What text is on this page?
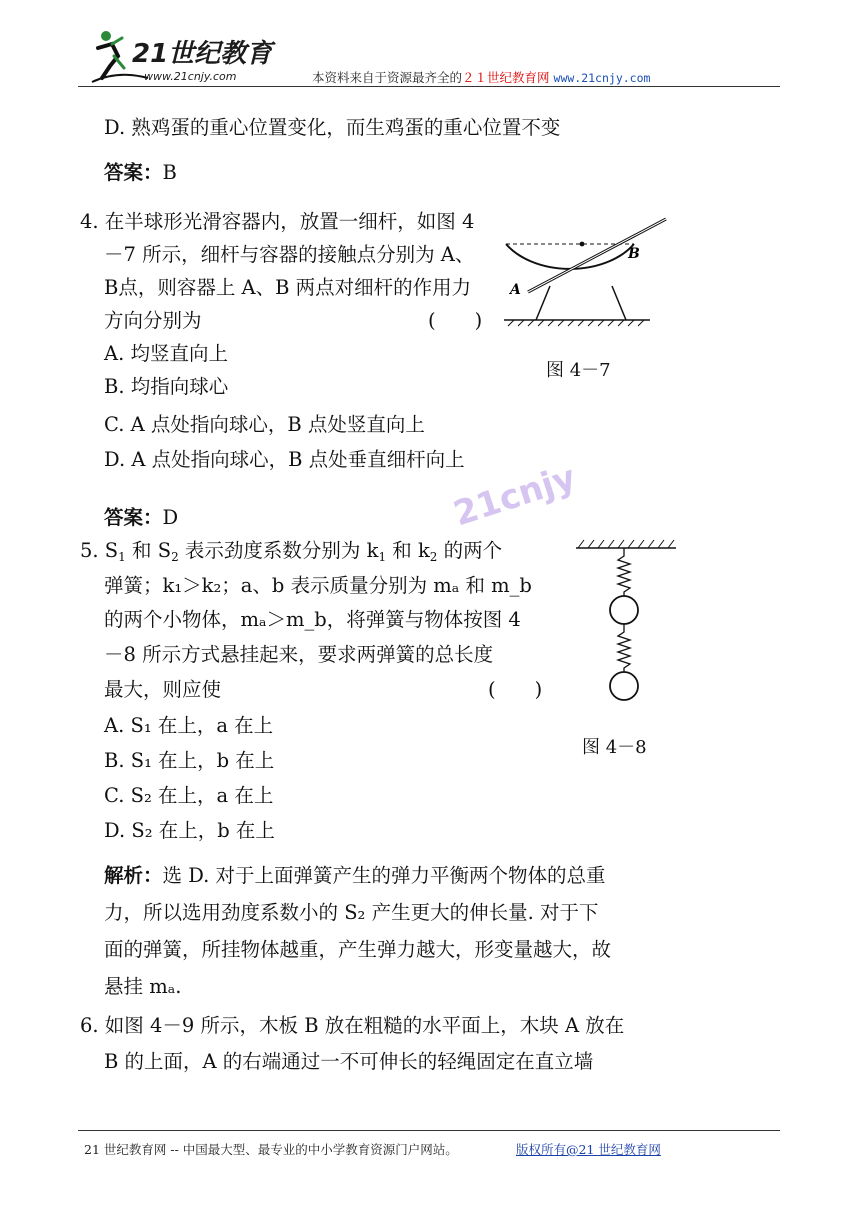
21世纪教育
www.21cnjy.com	本资料来自于资源最齐全的２１世纪教育网 www.21cnjy.com
D. 熟鸡蛋的重心位置变化，而生鸡蛋的重心位置不变
答案：B
4. 在半球形光滑容器内，放置一细杆，如图 4
－7 所示，细杆与容器的接触点分别为 A、
B点，则容器上 A、B 两点对细杆的作用力
方向分别为	(　　)
A. 均竖直向上
B. 均指向球心
C. A 点处指向球心，B 点处竖直向上
D. A 点处指向球心，B 点处垂直细杆向上
A
B
图 4－7
答案：D	21cnjy
5. $S_1$ 和 $S_2$ 表示劲度系数分别为 $k_1$ 和 $k_2$ 的两个
弹簧；k₁＞k₂；a、b 表示质量分别为 mₐ 和 m_b
的两个小物体，mₐ＞m_b，将弹簧与物体按图 4
－8 所示方式悬挂起来，要求两弹簧的总长度
最大，则应使	(　　)
A. S₁ 在上，a 在上
B. S₁ 在上，b 在上
C. S₂ 在上，a 在上
D. S₂ 在上，b 在上
图 4－8
解析：选 D. 对于上面弹簧产生的弹力平衡两个物体的总重
力，所以选用劲度系数小的 S₂ 产生更大的伸长量. 对于下
面的弹簧，所挂物体越重，产生弹力越大，形变量越大，故
悬挂 mₐ.
6. 如图 4－9 所示，木板 B 放在粗糙的水平面上，木块 A 放在
B 的上面，A 的右端通过一不可伸长的轻绳固定在直立墙
21 世纪教育网 -- 中国最大型、最专业的中小学教育资源门户网站。	版权所有@21 世纪教育网
